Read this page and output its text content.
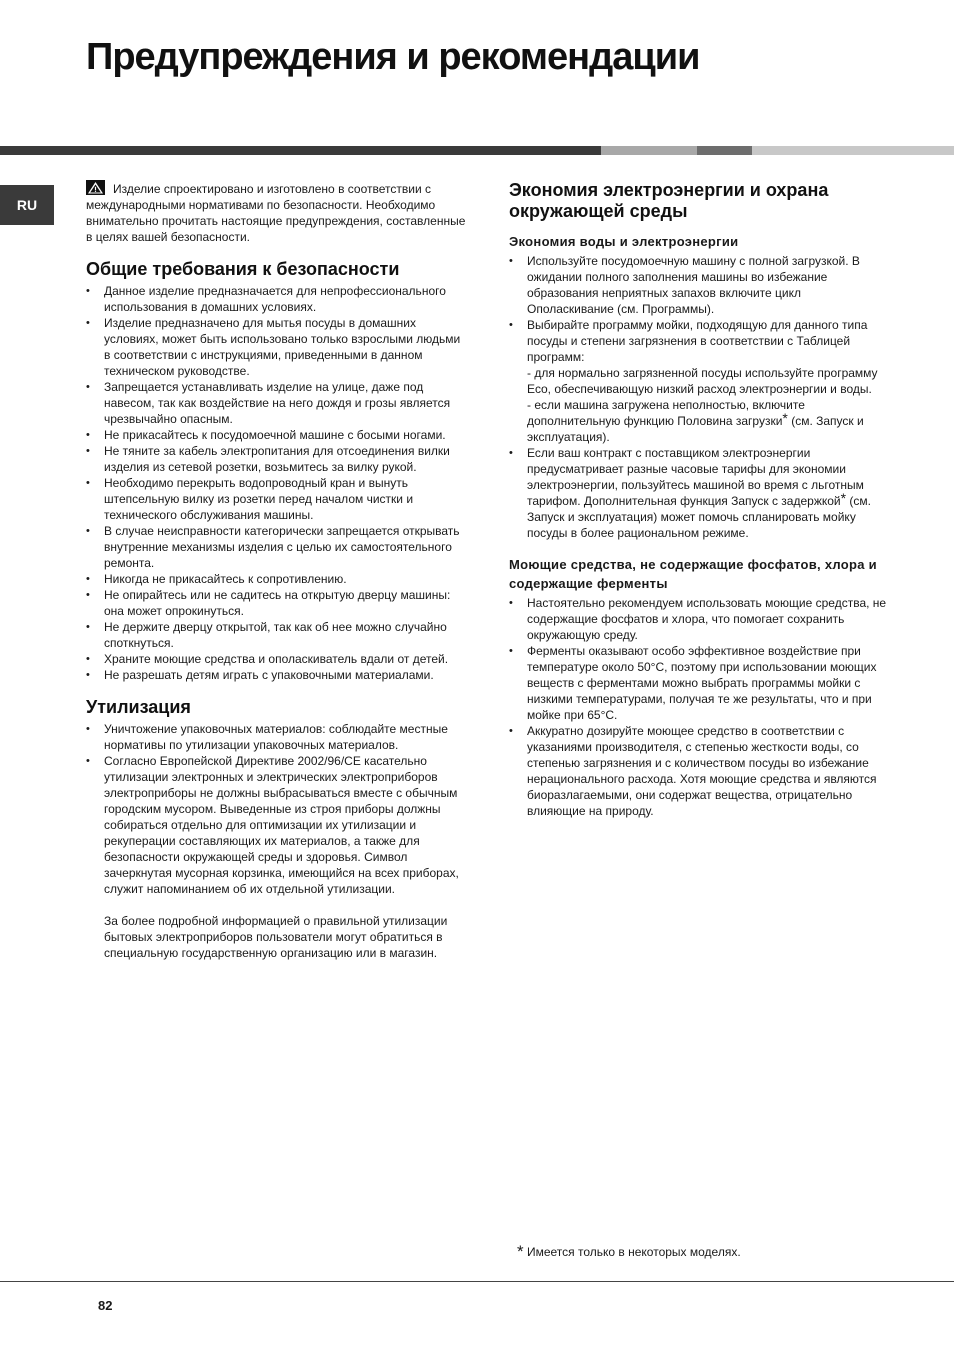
Предупреждения и рекомендации
RU

Изделие спроектировано и изготовлено в соответствии с международными нормативами по безопасности. Необходимо внимательно прочитать настоящие предупреждения, составленные в целях вашей безопасности.

Общие требования к безопасности
• Данное изделие предназначается для непрофессионального использования в домашних условиях.
• Изделие предназначено для мытья посуды в домашних условиях, может быть использовано только взрослыми людьми в соответствии с инструкциями, приведенными в данном техническом руководстве.
• Запрещается устанавливать изделие на улице, даже под навесом, так как воздействие на него дождя и грозы является чрезвычайно опасным.
• Не прикасайтесь к посудомоечной машине с босыми ногами.
• Не тяните за кабель электропитания для отсоединения вилки изделия из сетевой розетки, возьмитесь за вилку рукой.
• Необходимо перекрыть водопроводный кран и вынуть штепсельную вилку из розетки перед началом чистки и технического обслуживания машины.
• В случае неисправности категорически запрещается открывать внутренние механизмы изделия с целью их самостоятельного ремонта.
• Никогда не прикасайтесь к сопротивлению.
• Не опирайтесь или не садитесь на открытую дверцу машины: она может опрокинуться.
• Не держите дверцу открытой, так как об нее можно случайно споткнуться.
• Храните моющие средства и ополаскиватель вдали от детей.
• Не разрешать детям играть с упаковочными материалами.
Утилизация
• Уничтожение упаковочных материалов: соблюдайте местные нормативы по утилизации упаковочных материалов.
• Согласно Европейской Директиве 2002/96/CE касательно утилизации электронных и электрических электроприборов электроприборы не должны выбрасываться вместе с обычным городским мусором. Выведенные из строя приборы должны собираться отдельно для оптимизации их утилизации и рекуперации составляющих их материалов, а также для безопасности окружающей среды и здоровья. Символ зачеркнутая мусорная корзинка, имеющийся на всех приборах, служит напоминанием об их отдельной утилизации.
За более подробной информацией о правильной утилизации бытовых электроприборов пользователи могут обратиться в специальную государственную организацию или в магазин.
Экономия электроэнергии и охрана окружающей среды
Экономия воды и электроэнергии
• Используйте посудомоечную машину с полной загрузкой. В ожидании полного заполнения машины во избежание образования неприятных запахов включите цикл Ополаскивание (см. Программы).
• Выбирайте программу мойки, подходящую для данного типа посуды и степени загрязнения в соответствии с Таблицей программ:
- для нормально загрязненной посуды используйте программу Eco, обеспечивающую низкий расход электроэнергии и воды.
- если машина загружена неполностью, включите дополнительную функцию Половина загрузки* (см. Запуск и эксплуатация).
• Если ваш контракт с поставщиком электроэнергии предусматривает разные часовые тарифы для экономии электроэнергии, пользуйтесь машиной во время с льготным тарифом. Дополнительная функция Запуск с задержкой* (см. Запуск и эксплуатация) может помочь спланировать мойку посуды в более рациональном режиме.
Моющие средства, не содержащие фосфатов, хлора и содержащие ферменты
• Настоятельно рекомендуем использовать моющие средства, не содержащие фосфатов и хлора, что помогает сохранить окружающую среду.
• Ферменты оказывают особо эффективное воздействие при температуре около 50°С, поэтому при использовании моющих веществ с ферментами можно выбрать программы мойки с низкими температурами, получая те же результаты, что и при мойке при 65°С.
• Аккуратно дозируйте моющее средство в соответствии с указаниями производителя, с степенью жесткости воды, со степенью загрязнения и с количеством посуды во избежание нерационального расхода. Хотя моющие средства и являются биоразлагаемыми, они содержат вещества, отрицательно влияющие на природу.
* Имеется только в некоторых моделях.
82
